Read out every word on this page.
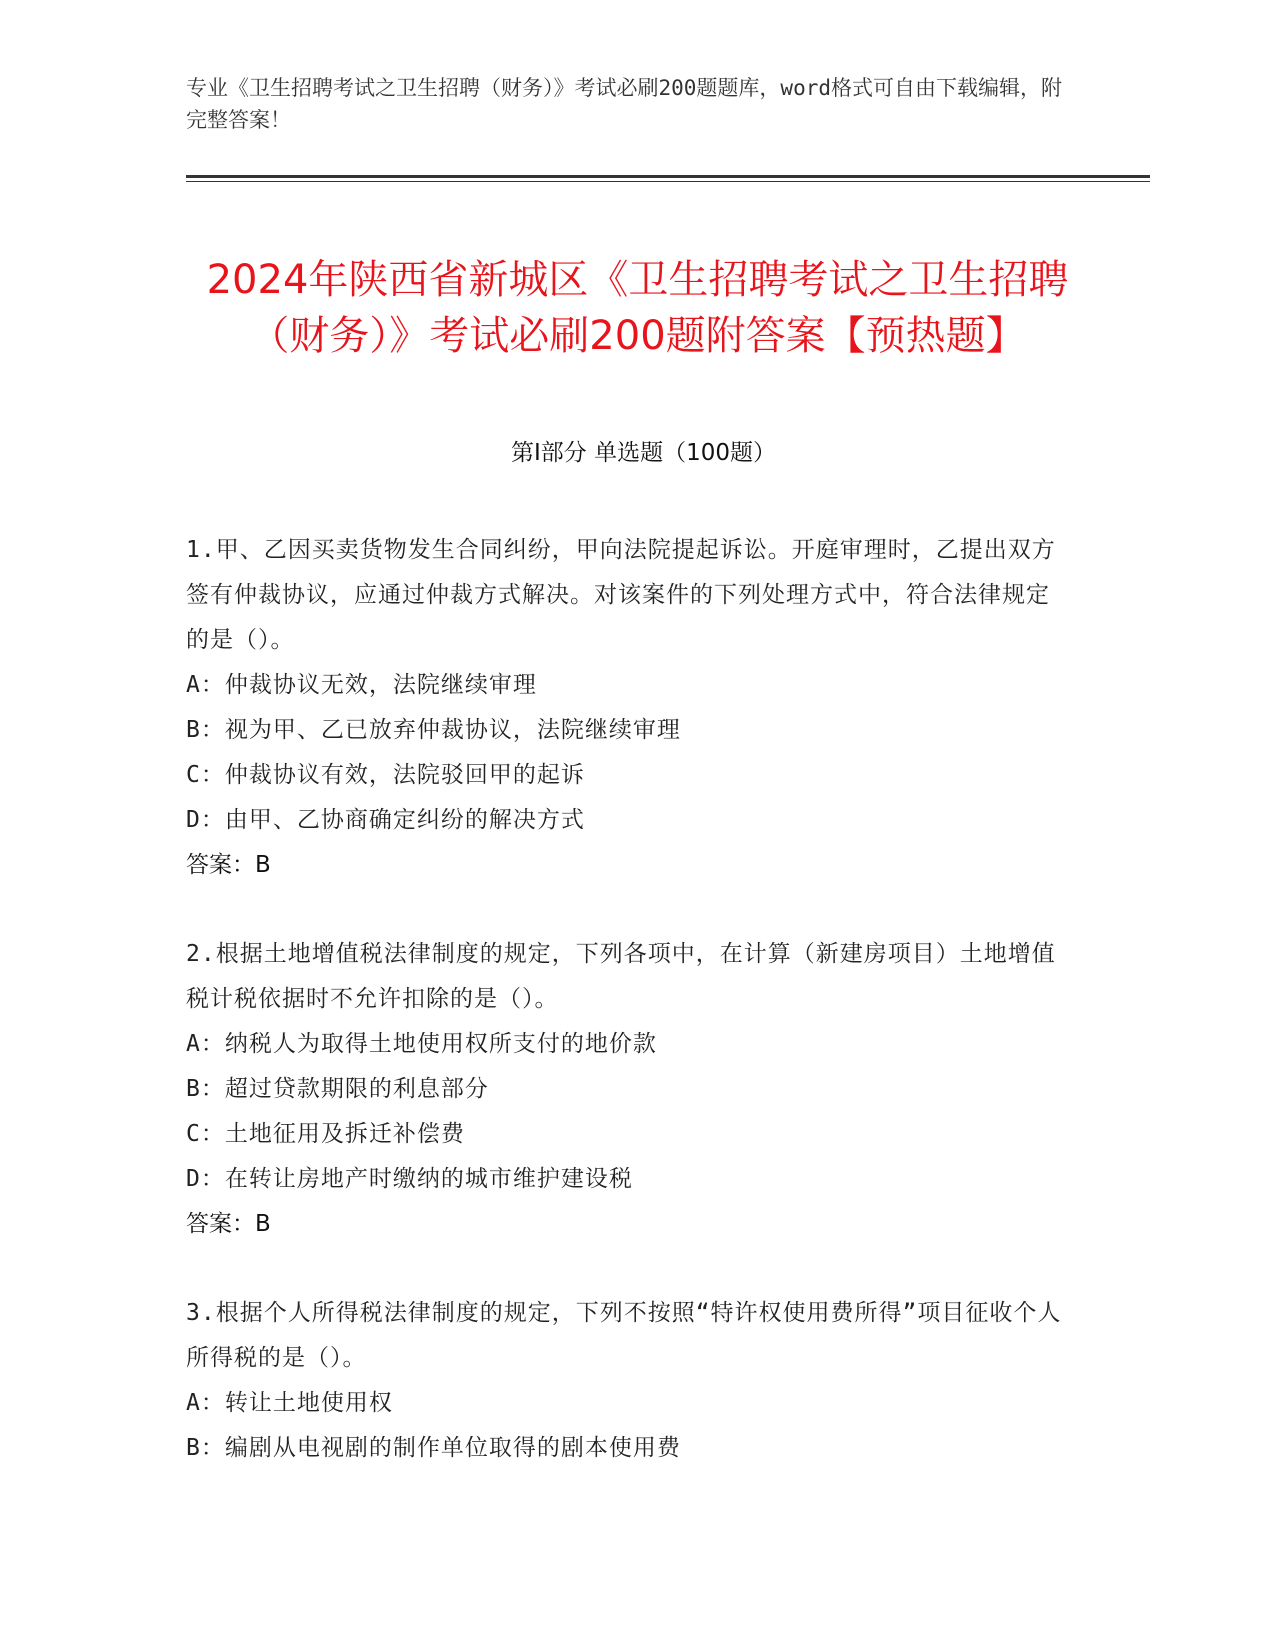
专业《卫生招聘考试之卫生招聘（财务）》考试必刷200题题库，word格式可自由下载编辑，附完整答案！
2024年陕西省新城区《卫生招聘考试之卫生招聘（财务）》考试必刷200题附答案【预热题】
第Ⅰ部分 单选题（100题）

1.甲、乙因买卖货物发生合同纠纷，甲向法院提起诉讼。开庭审理时，乙提出双方签有仲裁协议，应通过仲裁方式解决。对该案件的下列处理方式中，符合法律规定的是（）。

A：仲裁协议无效，法院继续审理

B：视为甲、乙已放弃仲裁协议，法院继续审理

C：仲裁协议有效，法院驳回甲的起诉

D：由甲、乙协商确定纠纷的解决方式

答案：B

2.根据土地增值税法律制度的规定，下列各项中，在计算（新建房项目）土地增值税计税依据时不允许扣除的是（）。

A：纳税人为取得土地使用权所支付的地价款

B：超过贷款期限的利息部分

C：土地征用及拆迁补偿费

D：在转让房地产时缴纳的城市维护建设税

答案：B

3.根据个人所得税法律制度的规定，下列不按照“特许权使用费所得”项目征收个人所得税的是（）。

A：转让土地使用权

B：编剧从电视剧的制作单位取得的剧本使用费
